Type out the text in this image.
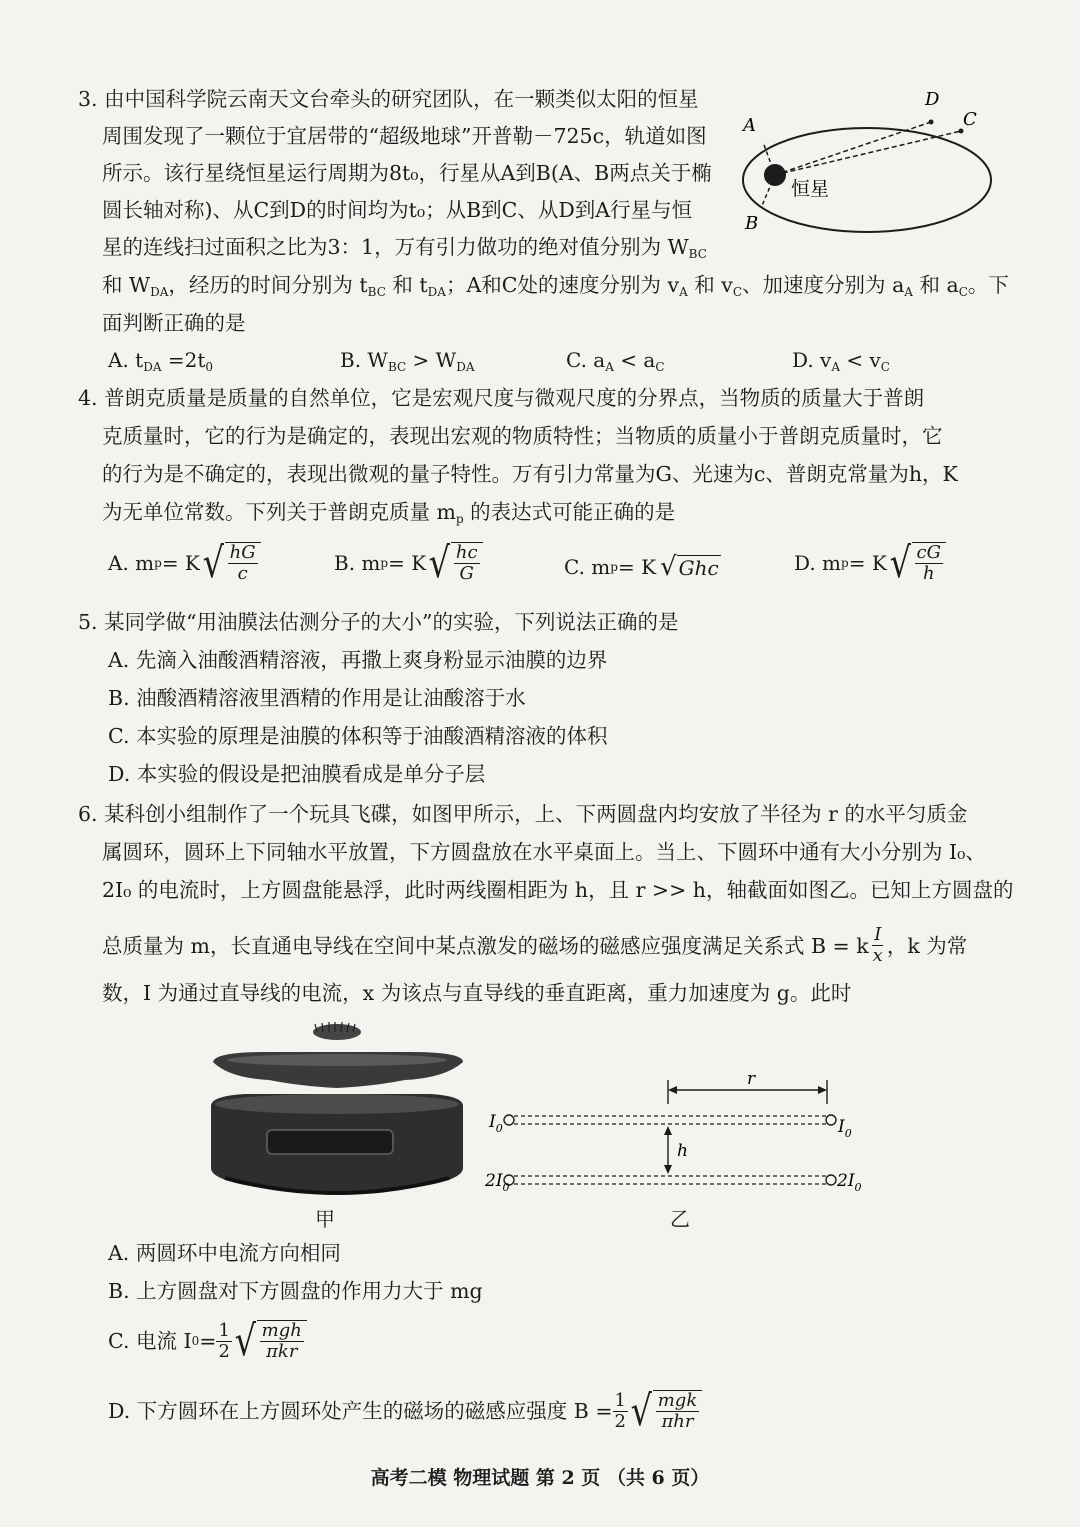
3. 由中国科学院云南天文台牵头的研究团队，在一颗类似太阳的恒星
周围发现了一颗位于宜居带的“超级地球”开普勒－725c，轨道如图
所示。该行星绕恒星运行周期为8t₀，行星从A到B(A、B两点关于椭
圆长轴对称)、从C到D的时间均为t₀；从B到C、从D到A行星与恒
星的连线扫过面积之比为3：1，万有引力做功的绝对值分别为 $W_{BC}$
和 $W_{DA}$，经历的时间分别为 $t_{BC}$ 和 $t_{DA}$；A和C处的速度分别为 $v_A$ 和 $v_C$、加速度分别为 $a_A$ 和 $a_C$。下
面判断正确的是
A. $t_{DA} =2t_0$	B. $W_{BC} > W_{DA}$	C. $a_A < a_C$	D. $v_A < v_C$
A
B
C
D
恒星
4. 普朗克质量是质量的自然单位，它是宏观尺度与微观尺度的分界点，当物质的质量大于普朗
克质量时，它的行为是确定的，表现出宏观的物质特性；当物质的质量小于普朗克质量时，它
的行为是不确定的，表现出微观的量子特性。万有引力常量为G、光速为c、普朗克常量为h，K
为无单位常数。下列关于普朗克质量 $m_p$ 的表达式可能正确的是
A. m p = K √ $\frac{hG}{c}$	B. m p = K √ $\frac{hc}{G}$	C. m p = K √ Ghc	D. m p = K √ $\frac{cG}{h}$
5. 某同学做“用油膜法估测分子的大小”的实验，下列说法正确的是
A. 先滴入油酸酒精溶液，再撒上爽身粉显示油膜的边界
B. 油酸酒精溶液里酒精的作用是让油酸溶于水
C. 本实验的原理是油膜的体积等于油酸酒精溶液的体积
D. 本实验的假设是把油膜看成是单分子层
6. 某科创小组制作了一个玩具飞碟，如图甲所示，上、下两圆盘内均安放了半径为 r 的水平匀质金
属圆环，圆环上下同轴水平放置，下方圆盘放在水平桌面上。当上、下圆环中通有大小分别为 I₀、
2I₀ 的电流时，上方圆盘能悬浮，此时两线圈相距为 h，且 r >> h，轴截面如图乙。已知上方圆盘的
总质量为 m，长直通电导线在空间中某点激发的磁场的磁感应强度满足关系式 B = k $\frac{I}{x}$ ，k 为常
数，I 为通过直导线的电流，x 为该点与直导线的垂直距离，重力加速度为 g。此时
甲
r
$I_0$	$I_0$
h
$2I_0$	$2I_0$
乙
A. 两圆环中电流方向相同
B. 上方圆盘对下方圆盘的作用力大于 mg
C. 电流 I $0 = \frac{1}{2}$ √ $\frac{\text{mgh}}{\text{πkr}}$
D. 下方圆环在上方圆环处产生的磁场的磁感应强度 $B = \frac{1}{2}$ √ $\frac{\text{mgk}}{\text{πhr}}$
高考二模 物理试题 第 2 页 （共 6 页）
